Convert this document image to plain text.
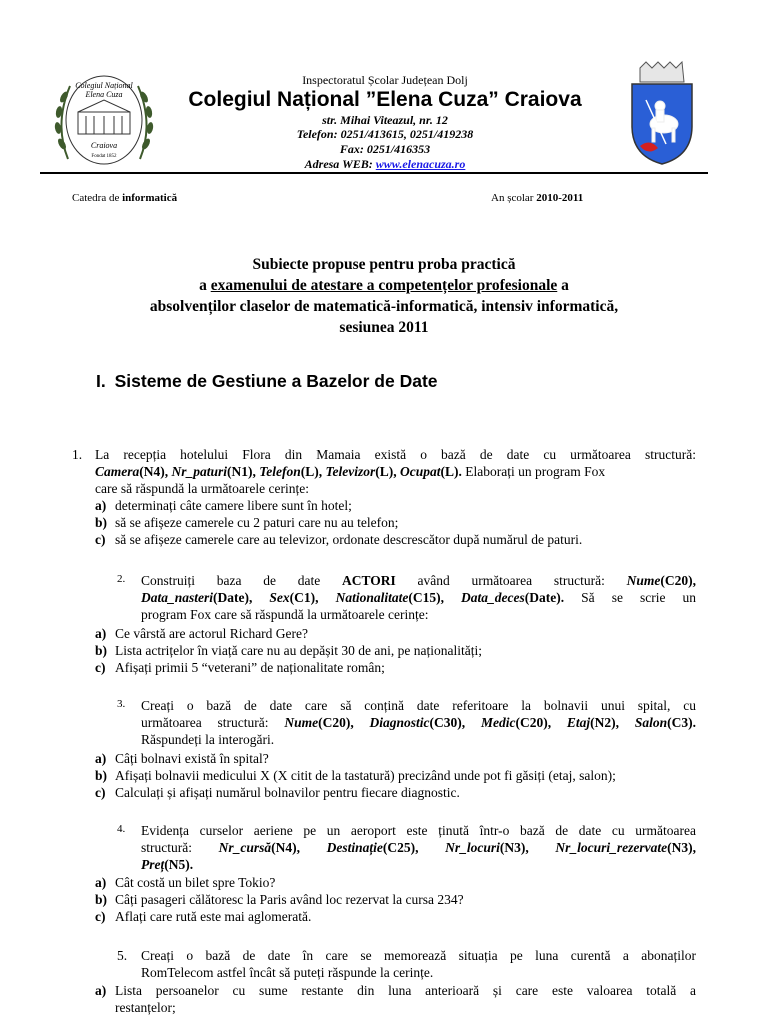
Colegiul Național
Elena Cuza
Craiova
Fondat 1852
Inspectoratul Școlar Județean Dolj
Colegiul Național ”Elena Cuza” Craiova
str. Mihai Viteazul, nr. 12
Telefon: 0251/413615, 0251/419238
Fax: 0251/416353
Adresa WEB: www.elenacuza.ro
Catedra de informatică	An școlar 2010-2011
Subiecte propuse pentru proba practică
a examenului de atestare a competențelor profesionale a
absolvenților claselor de matematică-informatică, intensiv informatică,
sesiunea 2011
I. Sisteme de Gestiune a Bazelor de Date
1. La recepția hotelului Flora din Mamaia există o bază de date cu următoarea structură:
Camera(N4), Nr_paturi(N1), Telefon(L), Televizor(L), Ocupat(L). Elaborați un program Fox
care să răspundă la următoarele cerințe:
a) determinați câte camere libere sunt în hotel;
b) să se afișeze camerele cu 2 paturi care nu au telefon;
c) să se afișeze camerele care au televizor, ordonate descrescător după numărul de paturi.
2. Construiți baza de date ACTORI având următoarea structură: Nume(C20),
Data_nasteri(Date), Sex(C1), Nationalitate(C15), Data_deces(Date). Să se scrie un
program Fox care să răspundă la următoarele cerințe:
a) Ce vârstă are actorul Richard Gere?
b) Lista actrițelor în viață care nu au depășit 30 de ani, pe naționalități;
c) Afișați primii 5 “veterani” de naționalitate român;
3. Creați o bază de date care să conțină date referitoare la bolnavii unui spital, cu
următoarea structură: Nume(C20), Diagnostic(C30), Medic(C20), Etaj(N2), Salon(C3).
Răspundeți la interogări.
a) Câți bolnavi există în spital?
b) Afișați bolnavii medicului X (X citit de la tastatură) precizând unde pot fi găsiți (etaj, salon);
c) Calculați și afișați numărul bolnavilor pentru fiecare diagnostic.
4. Evidența curselor aeriene pe un aeroport este ținută într-o bază de date cu următoarea
structură: Nr_cursă(N4), Destinație(C25), Nr_locuri(N3), Nr_locuri_rezervate(N3),
Preț(N5).
a) Cât costă un bilet spre Tokio?
b) Câți pasageri călătoresc la Paris având loc rezervat la cursa 234?
c) Aflați care rută este mai aglomerată.
5. Creați o bază de date în care se memorează situația pe luna curentă a abonaților
RomTelecom astfel încât să puteți răspunde la cerințe.
a) Lista persoanelor cu sume restante din luna anterioară și care este valoarea totală a
restanțelor;
